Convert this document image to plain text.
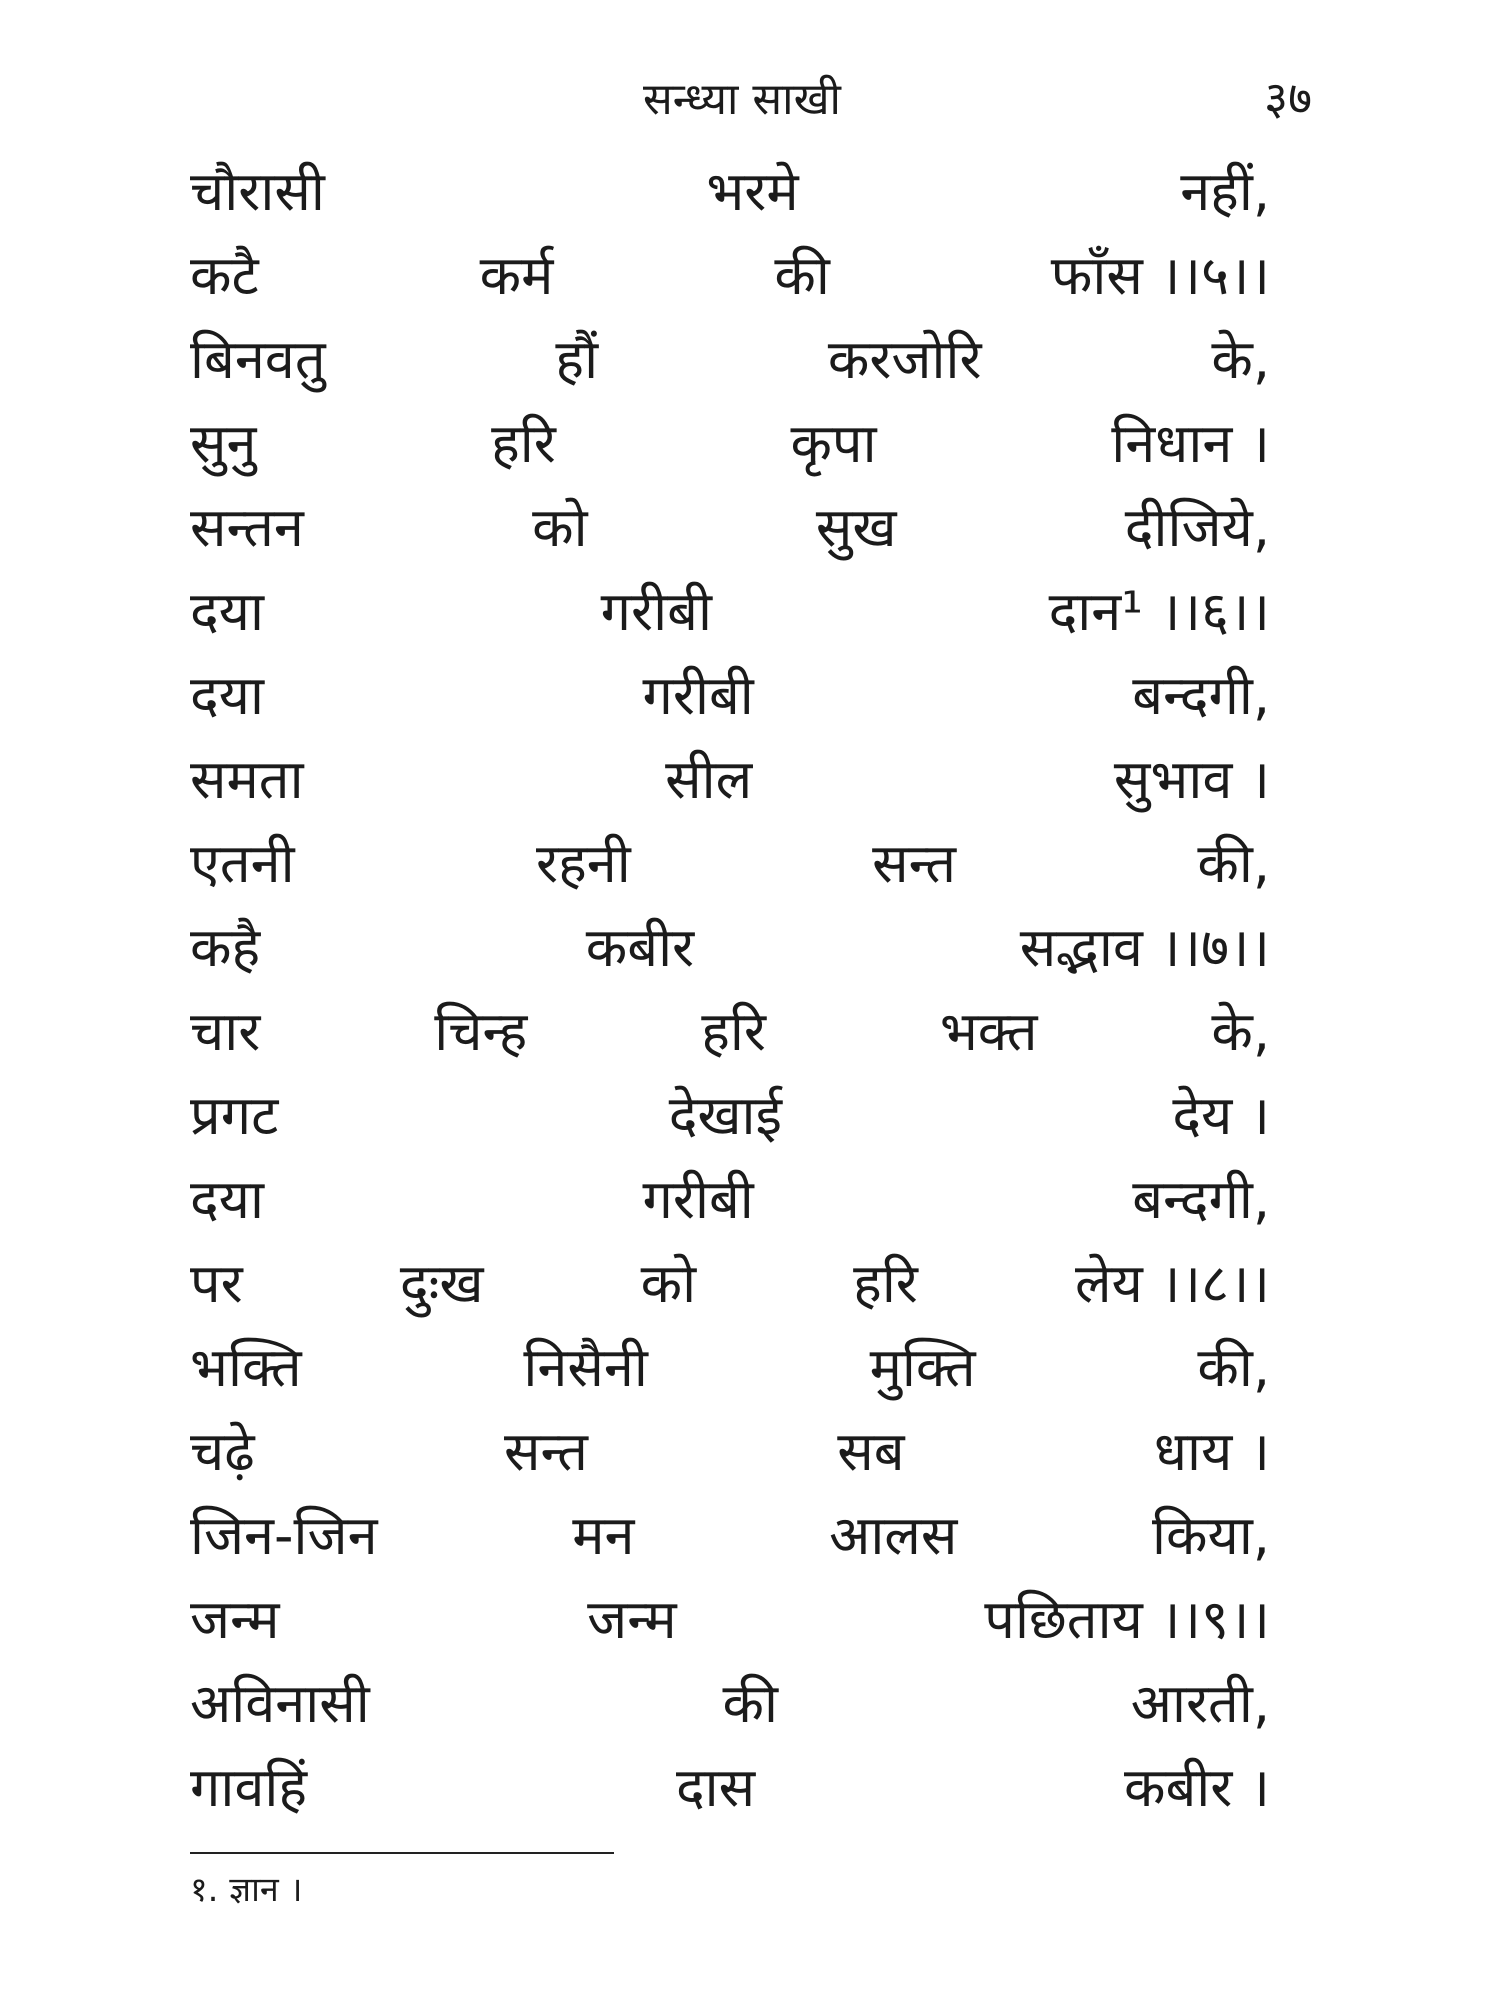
सन्ध्या साखी	३७
चौरासी	भरमे	नहीं,
कटै	कर्म	की	फाँस ।।५।।
बिनवतु	हौं	करजोरि	के,
सुनु	हरि	कृपा	निधान ।
सन्तन	को	सुख	दीजिये,
दया	गरीबी	दान¹ ।।६।।
दया	गरीबी	बन्दगी,
समता	सील	सुभाव ।
एतनी	रहनी	सन्त	की,
कहै	कबीर	सद्भाव ।।७।।
चार	चिन्ह	हरि	भक्त	के,
प्रगट	देखाई	देय ।
दया	गरीबी	बन्दगी,
पर	दुःख	को	हरि	लेय ।।८।।
भक्ति	निसैनी	मुक्ति	की,
चढ़े	सन्त	सब	धाय ।
जिन-जिन	मन	आलस	किया,
जन्म	जन्म	पछिताय ।।९।।
अविनासी	की	आरती,
गावहिं	दास	कबीर ।
१. ज्ञान ।
